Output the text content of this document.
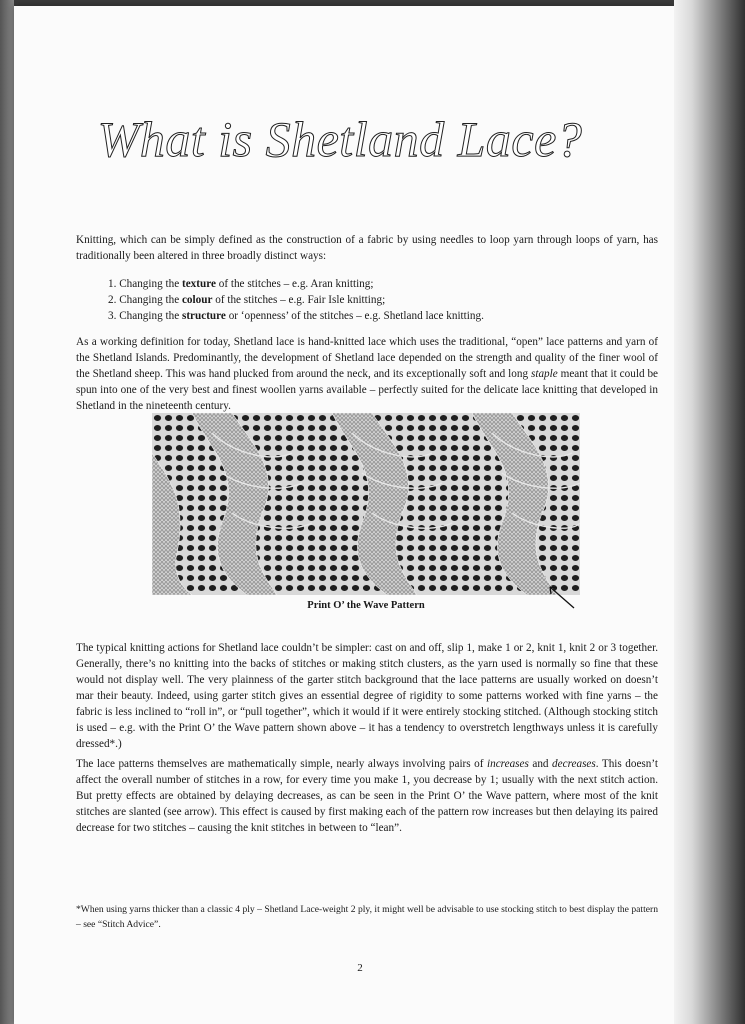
What is Shetland Lace?
Knitting, which can be simply defined as the construction of a fabric by using needles to loop yarn through loops of yarn, has traditionally been altered in three broadly distinct ways:
1. Changing the texture of the stitches – e.g. Aran knitting;
2. Changing the colour of the stitches – e.g. Fair Isle knitting;
3. Changing the structure or ‘openness’ of the stitches – e.g. Shetland lace knitting.
As a working definition for today, Shetland lace is hand-knitted lace which uses the traditional, “open” lace patterns and yarn of the Shetland Islands. Predominantly, the development of Shetland lace depended on the strength and quality of the finer wool of the Shetland sheep. This was hand plucked from around the neck, and its exceptionally soft and long staple meant that it could be spun into one of the very best and finest woollen yarns available – perfectly suited for the delicate lace knitting that developed in Shetland in the nineteenth century.
Print O’ the Wave Pattern
The typical knitting actions for Shetland lace couldn’t be simpler: cast on and off, slip 1, make 1 or 2, knit 1, knit 2 or 3 together. Generally, there’s no knitting into the backs of stitches or making stitch clusters, as the yarn used is normally so fine that these would not display well. The very plainness of the garter stitch background that the lace patterns are usually worked on doesn’t mar their beauty. Indeed, using garter stitch gives an essential degree of rigidity to some patterns worked with fine yarns – the fabric is less inclined to “roll in”, or “pull together”, which it would if it were entirely stocking stitched. (Although stocking stitch is used – e.g. with the Print O’ the Wave pattern shown above – it has a tendency to overstretch lengthways unless it is carefully dressed*.)
The lace patterns themselves are mathematically simple, nearly always involving pairs of increases and decreases. This doesn’t affect the overall number of stitches in a row, for every time you make 1, you decrease by 1; usually with the next stitch action. But pretty effects are obtained by delaying decreases, as can be seen in the Print O’ the Wave pattern, where most of the knit stitches are slanted (see arrow). This effect is caused by first making each of the pattern row increases but then delaying its paired decrease for two stitches – causing the knit stitches in between to “lean”.
*When using yarns thicker than a classic 4 ply – Shetland Lace-weight 2 ply, it might well be advisable to use stocking stitch to best display the pattern – see “Stitch Advice”.
2
